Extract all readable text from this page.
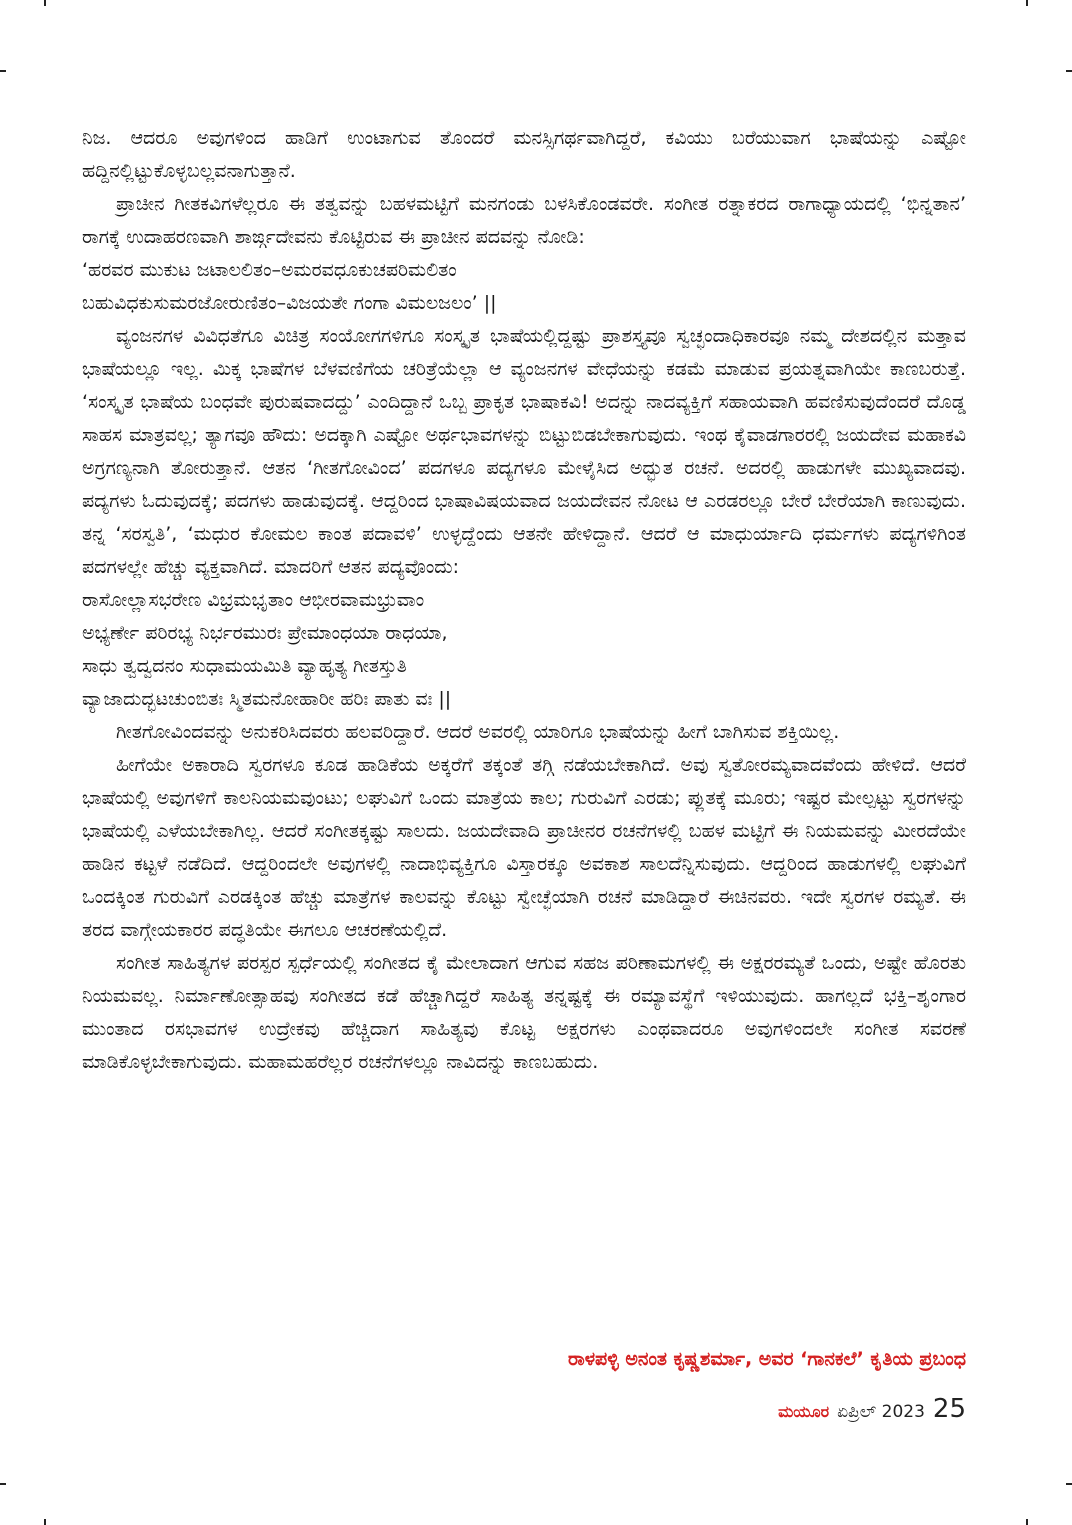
ನಿಜ. ಆದರೂ ಅವುಗಳಿಂದ ಹಾಡಿಗೆ ಉಂಟಾಗುವ ತೊಂದರೆ ಮನಸ್ಸಿಗರ್ಥವಾಗಿದ್ದರೆ, ಕವಿಯು ಬರೆಯುವಾಗ ಭಾಷೆಯನ್ನು ಎಷ್ಟೋ ಹದ್ದಿನಲ್ಲಿಟ್ಟುಕೊಳ್ಳಬಲ್ಲವನಾಗುತ್ತಾನೆ.

ಪ್ರಾಚೀನ ಗೀತಕವಿಗಳೆಲ್ಲರೂ ಈ ತತ್ವವನ್ನು ಬಹಳಮಟ್ಟಿಗೆ ಮನಗಂಡು ಬಳಸಿಕೊಂಡವರೇ. ಸಂಗೀತ ರತ್ನಾಕರದ ರಾಗಾಧ್ಯಾಯದಲ್ಲಿ ‘ಭಿನ್ನತಾನ’ ರಾಗಕ್ಕೆ ಉದಾಹರಣವಾಗಿ ಶಾರ್ಙ್ಗದೇವನು ಕೊಟ್ಟಿರುವ ಈ ಪ್ರಾಚೀನ ಪದವನ್ನು ನೋಡಿ:

‘ಹರವರ ಮುಕುಟ ಜಟಾಲಲಿತಂ–ಅಮರವಧೂಕುಚಪರಿಮಲಿತಂ
ಬಹುವಿಧಕುಸುಮರಜೋರುಣಿತಂ–ವಿಜಯತೇ ಗಂಗಾ ವಿಮಲಜಲಂ’ ||

ವ್ಯಂಜನಗಳ ವಿವಿಧತೆಗೂ ವಿಚಿತ್ರ ಸಂಯೋಗಗಳಿಗೂ ಸಂಸ್ಕೃತ ಭಾಷೆಯಲ್ಲಿದ್ದಷ್ಟು ಪ್ರಾಶಸ್ತ್ಯವೂ ಸ್ವಚ್ಛಂದಾಧಿಕಾರವೂ ನಮ್ಮ ದೇಶದಲ್ಲಿನ ಮತ್ತಾವ ಭಾಷೆಯಲ್ಲೂ ಇಲ್ಲ. ಮಿಕ್ಕ ಭಾಷೆಗಳ ಬೆಳವಣಿಗೆಯ ಚರಿತ್ರೆಯೆಲ್ಲಾ ಆ ವ್ಯಂಜನಗಳ ವೇಧೆಯನ್ನು ಕಡಮೆ ಮಾಡುವ ಪ್ರಯತ್ನವಾಗಿಯೇ ಕಾಣಬರುತ್ತೆ. ‘ಸಂಸ್ಕೃತ ಭಾಷೆಯ ಬಂಧವೇ ಪುರುಷವಾದದ್ದು’ ಎಂದಿದ್ದಾನೆ ಒಬ್ಬ ಪ್ರಾಕೃತ ಭಾಷಾಕವಿ! ಅದನ್ನು ನಾದವ್ಯಕ್ತಿಗೆ ಸಹಾಯವಾಗಿ ಹವಣಿಸುವುದೆಂದರೆ ದೊಡ್ಡ ಸಾಹಸ ಮಾತ್ರವಲ್ಲ; ತ್ಯಾಗವೂ ಹೌದು: ಅದಕ್ಕಾಗಿ ಎಷ್ಟೋ ಅರ್ಥಭಾವಗಳನ್ನು ಬಿಟ್ಟುಬಿಡಬೇಕಾಗುವುದು. ಇಂಥ ಕೈವಾಡಗಾರರಲ್ಲಿ ಜಯದೇವ ಮಹಾಕವಿ ಅಗ್ರಗಣ್ಯನಾಗಿ ತೋರುತ್ತಾನೆ. ಆತನ ‘ಗೀತಗೋವಿಂದ’ ಪದಗಳೂ ಪದ್ಯಗಳೂ ಮೇಳೈಸಿದ ಅದ್ಭುತ ರಚನೆ. ಅದರಲ್ಲಿ ಹಾಡುಗಳೇ ಮುಖ್ಯವಾದವು. ಪದ್ಯಗಳು ಓದುವುದಕ್ಕೆ; ಪದಗಳು ಹಾಡುವುದಕ್ಕೆ. ಆದ್ದರಿಂದ ಭಾಷಾವಿಷಯವಾದ ಜಯದೇವನ ನೋಟ ಆ ಎರಡರಲ್ಲೂ ಬೇರೆ ಬೇರೆಯಾಗಿ ಕಾಣುವುದು. ತನ್ನ ‘ಸರಸ್ವತಿ’, ‘ಮಧುರ ಕೋಮಲ ಕಾಂತ ಪದಾವಳಿ’ ಉಳ್ಳದ್ದೆಂದು ಆತನೇ ಹೇಳಿದ್ದಾನೆ. ಆದರೆ ಆ ಮಾಧುರ್ಯಾದಿ ಧರ್ಮಗಳು ಪದ್ಯಗಳಿಗಿಂತ ಪದಗಳಲ್ಲೇ ಹೆಚ್ಚು ವ್ಯಕ್ತವಾಗಿದೆ. ಮಾದರಿಗೆ ಆತನ ಪದ್ಯವೊಂದು:

ರಾಸೋಲ್ಲಾಸಭರೇಣ ವಿಭ್ರಮಭೃತಾಂ ಆಭೀರವಾಮಭ್ರುವಾಂ
ಅಭ್ಯರ್ಣೇ ಪರಿರಭ್ಯ ನಿರ್ಭರಮುರಃ ಪ್ರೇಮಾಂಧಯಾ ರಾಧಯಾ,
ಸಾಧು ತ್ವದ್ವದನಂ ಸುಧಾಮಯಮಿತಿ ವ್ಯಾಹೃತ್ಯ ಗೀತಸ್ತುತಿ
ವ್ಯಾಜಾದುದ್ಭಟಚುಂಬಿತಃ ಸ್ಮಿತಮನೋಹಾರೀ ಹರಿಃ ಪಾತು ವಃ ||

ಗೀತಗೋವಿಂದವನ್ನು ಅನುಕರಿಸಿದವರು ಹಲವರಿದ್ದಾರೆ. ಆದರೆ ಅವರಲ್ಲಿ ಯಾರಿಗೂ ಭಾಷೆಯನ್ನು ಹೀಗೆ ಬಾಗಿಸುವ ಶಕ್ತಿಯಿಲ್ಲ.

ಹೀಗೆಯೇ ಅಕಾರಾದಿ ಸ್ವರಗಳೂ ಕೂಡ ಹಾಡಿಕೆಯ ಅಕ್ಕರೆಗೆ ತಕ್ಕಂತೆ ತಗ್ಗಿ ನಡೆಯಬೇಕಾಗಿದೆ. ಅವು ಸ್ವತೋರಮ್ಯವಾದವೆಂದು ಹೇಳಿದೆ. ಆದರೆ ಭಾಷೆಯಲ್ಲಿ ಅವುಗಳಿಗೆ ಕಾಲನಿಯಮವುಂಟು; ಲಘುವಿಗೆ ಒಂದು ಮಾತ್ರೆಯ ಕಾಲ; ಗುರುವಿಗೆ ಎರಡು; ಪ್ಲುತಕ್ಕೆ ಮೂರು; ಇಷ್ಟರ ಮೇಲ್ಪಟ್ಟು ಸ್ವರಗಳನ್ನು ಭಾಷೆಯಲ್ಲಿ ಎಳೆಯಬೇಕಾಗಿಲ್ಲ. ಆದರೆ ಸಂಗೀತಕ್ಕಷ್ಟು ಸಾಲದು. ಜಯದೇವಾದಿ ಪ್ರಾಚೀನರ ರಚನೆಗಳಲ್ಲಿ ಬಹಳ ಮಟ್ಟಿಗೆ ಈ ನಿಯಮವನ್ನು ಮೀರದೆಯೇ ಹಾಡಿನ ಕಟ್ಟಳೆ ನಡೆದಿದೆ. ಆದ್ದರಿಂದಲೇ ಅವುಗಳಲ್ಲಿ ನಾದಾಭಿವ್ಯಕ್ತಿಗೂ ವಿಸ್ತಾರಕ್ಕೂ ಅವಕಾಶ ಸಾಲದೆನ್ನಿಸುವುದು. ಆದ್ದರಿಂದ ಹಾಡುಗಳಲ್ಲಿ ಲಘುವಿಗೆ ಒಂದಕ್ಕಿಂತ ಗುರುವಿಗೆ ಎರಡಕ್ಕಿಂತ ಹೆಚ್ಚು ಮಾತ್ರೆಗಳ ಕಾಲವನ್ನು ಕೊಟ್ಟು ಸ್ವೇಚ್ಛೆಯಾಗಿ ರಚನೆ ಮಾಡಿದ್ದಾರೆ ಈಚಿನವರು. ಇದೇ ಸ್ವರಗಳ ರಮ್ಯತೆ. ಈ ತರದ ವಾಗ್ಗೇಯಕಾರರ ಪದ್ಧತಿಯೇ ಈಗಲೂ ಆಚರಣೆಯಲ್ಲಿದೆ.

ಸಂಗೀತ ಸಾಹಿತ್ಯಗಳ ಪರಸ್ಪರ ಸ್ಪರ್ಧೆಯಲ್ಲಿ ಸಂಗೀತದ ಕೈ ಮೇಲಾದಾಗ ಆಗುವ ಸಹಜ ಪರಿಣಾಮಗಳಲ್ಲಿ ಈ ಅಕ್ಷರರಮ್ಯತೆ ಒಂದು, ಅಷ್ಟೇ ಹೊರತು ನಿಯಮವಲ್ಲ. ನಿರ್ಮಾಣೋತ್ಸಾಹವು ಸಂಗೀತದ ಕಡೆ ಹೆಚ್ಚಾಗಿದ್ದರೆ ಸಾಹಿತ್ಯ ತನ್ನಷ್ಟಕ್ಕೆ ಈ ರಮ್ಯಾವಸ್ಥೆಗೆ ಇಳಿಯುವುದು. ಹಾಗಲ್ಲದೆ ಭಕ್ತಿ–ಶೃಂಗಾರ ಮುಂತಾದ ರಸಭಾವಗಳ ಉದ್ರೇಕವು ಹೆಚ್ಚಿದಾಗ ಸಾಹಿತ್ಯವು ಕೊಟ್ಟ ಅಕ್ಷರಗಳು ಎಂಥವಾದರೂ ಅವುಗಳಿಂದಲೇ ಸಂಗೀತ ಸವರಣೆ ಮಾಡಿಕೊಳ್ಳಬೇಕಾಗುವುದು. ಮಹಾಮಹರೆಲ್ಲರ ರಚನೆಗಳಲ್ಲೂ ನಾವಿದನ್ನು ಕಾಣಬಹುದು.

ರಾಳಪಳ್ಳಿ ಅನಂತ ಕೃಷ್ಣಶರ್ಮಾ, ಅವರ ‘ಗಾನಕಲೆ’ ಕೃತಿಯ ಪ್ರಬಂಧ
ಮಯೂರ ಏಪ್ರಿಲ್ 2023 25
